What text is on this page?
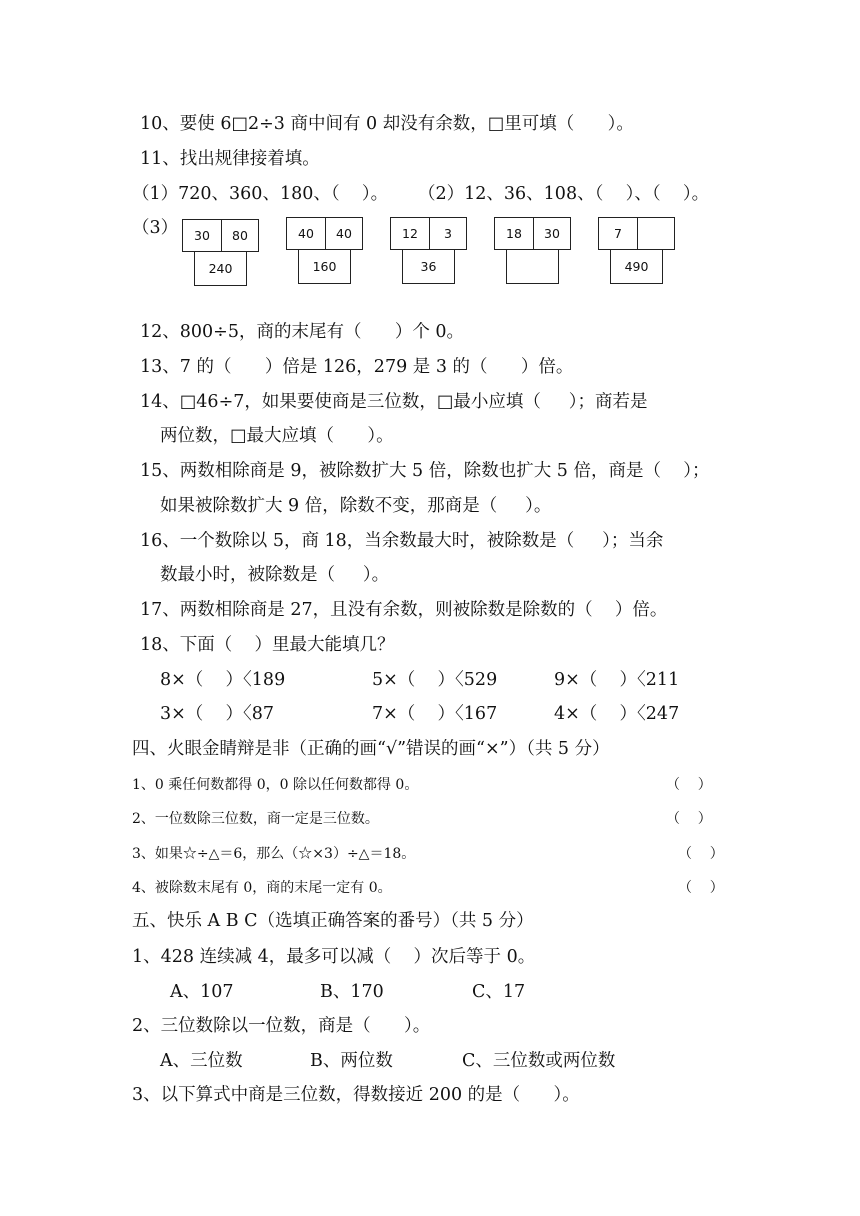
10、要使 6□2÷3 商中间有 0 却没有余数，□里可填（      ）。
11、找出规律接着填。
（1）720、360、180、（    ）。 （2）12、36、108、（    ）、（    ）。
（3）	30	80
240
40	40
160
12	3
36
18	30	7
490
12、800÷5，商的末尾有（      ）个 0。
13、7 的（      ）倍是 126，279 是 3 的（      ）倍。
14、□46÷7，如果要使商是三位数，□最小应填（     ）；商若是
两位数，□最大应填（      ）。
15、两数相除商是 9，被除数扩大 5 倍，除数也扩大 5 倍，商是（    ）；
如果被除数扩大 9 倍，除数不变，那商是（     ）。
16、一个数除以 5，商 18，当余数最大时，被除数是（     ）；当余
数最小时，被除数是（     ）。
17、两数相除商是 27，且没有余数，则被除数是除数的（    ）倍。
18、下面（    ）里最大能填几？
8×（    ）〈189	5×（    ）〈529	9×（    ）〈211
3×（    ）〈87	7×（    ）〈167	4×（    ）〈247
四、火眼金睛辩是非（正确的画“√”错误的画“×”）（共 5 分）
1、0 乘任何数都得 0，0 除以任何数都得 0。	（    ）
2、一位数除三位数，商一定是三位数。	（    ）
3、如果☆÷△＝6，那么（☆×3）÷△＝18。	（    ）
4、被除数末尾有 0，商的末尾一定有 0。	（    ）
五、快乐 A B C（选填正确答案的番号）（共 5 分）
1、428 连续减 4，最多可以减（    ）次后等于 0。
A、107	B、170	C、17
2、三位数除以一位数，商是（      ）。
A、三位数	B、两位数	C、三位数或两位数
3、以下算式中商是三位数，得数接近 200 的是（      ）。
